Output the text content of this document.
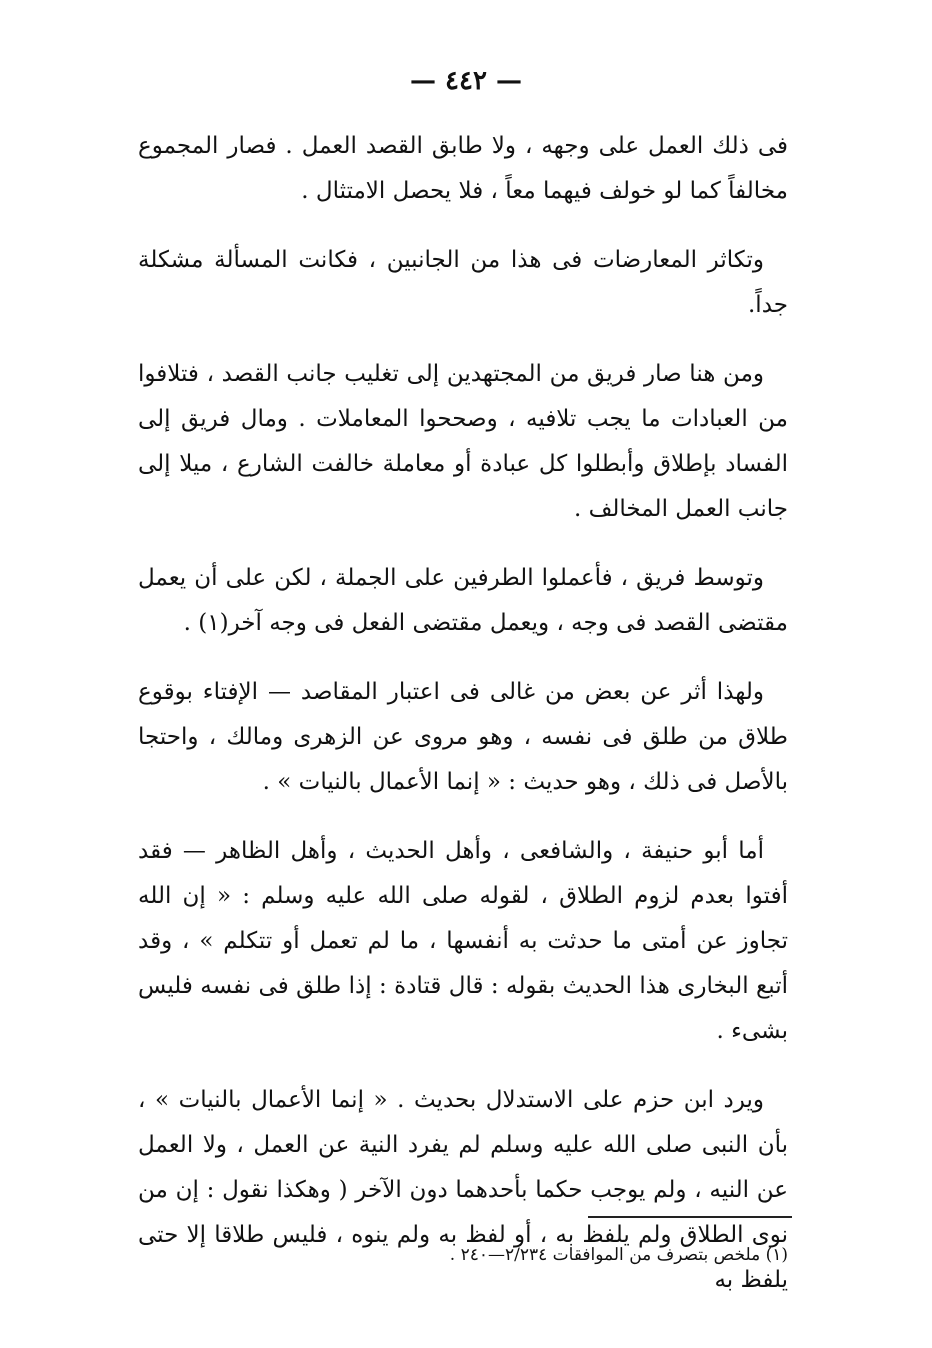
— ٤٤٢ —

فى ذلك العمل على وجهه ، ولا طابق القصد العمل . فصار المجموع مخالفاً كما لو خولف فيهما معاً ، فلا يحصل الامتثال .

وتكاثر المعارضات فى هذا من الجانبين ، فكانت المسألة مشكلة جداً.

ومن هنا صار فريق من المجتهدين إلى تغليب جانب القصد ، فتلافوا من العبادات ما يجب تلافيه ، وصححوا المعاملات . ومال فريق إلى الفساد بإطلاق وأبطلوا كل عبادة أو معاملة خالفت الشارع ، ميلا إلى جانب العمل المخالف .

وتوسط فريق ، فأعملوا الطرفين على الجملة ، لكن على أن يعمل مقتضى القصد فى وجه ، ويعمل مقتضى الفعل فى وجه آخر(١) .

ولهذا أثر عن بعض من غالى فى اعتبار المقاصد — الإفتاء بوقوع طلاق من طلق فى نفسه ، وهو مروى عن الزهرى ومالك ، واحتجا بالأصل فى ذلك ، وهو حديث : « إنما الأعمال بالنيات » .

أما أبو حنيفة ، والشافعى ، وأهل الحديث ، وأهل الظاهر — فقد أفتوا بعدم لزوم الطلاق ، لقوله صلى الله عليه وسلم : « إن الله تجاوز عن أمتى ما حدثت به أنفسها ، ما لم تعمل أو تتكلم » ، وقد أتبع البخارى هذا الحديث بقوله : قال قتادة : إذا طلق فى نفسه فليس بشىء .

ويرد ابن حزم على الاستدلال بحديث . « إنما الأعمال بالنيات » ، بأن النبى صلى الله عليه وسلم لم يفرد النية عن العمل ، ولا العمل عن النيه ، ولم يوجب حكما بأحدهما دون الآخر ( وهكذا نقول : إن من نوى الطلاق ولم يلفظ به ، أو لفظ به ولم ينوه ، فليس طلاقا إلا حتى يلفظ به

(١) ملخص بتصرف من الموافقات ٢/٢٣٤—٢٤٠ .
